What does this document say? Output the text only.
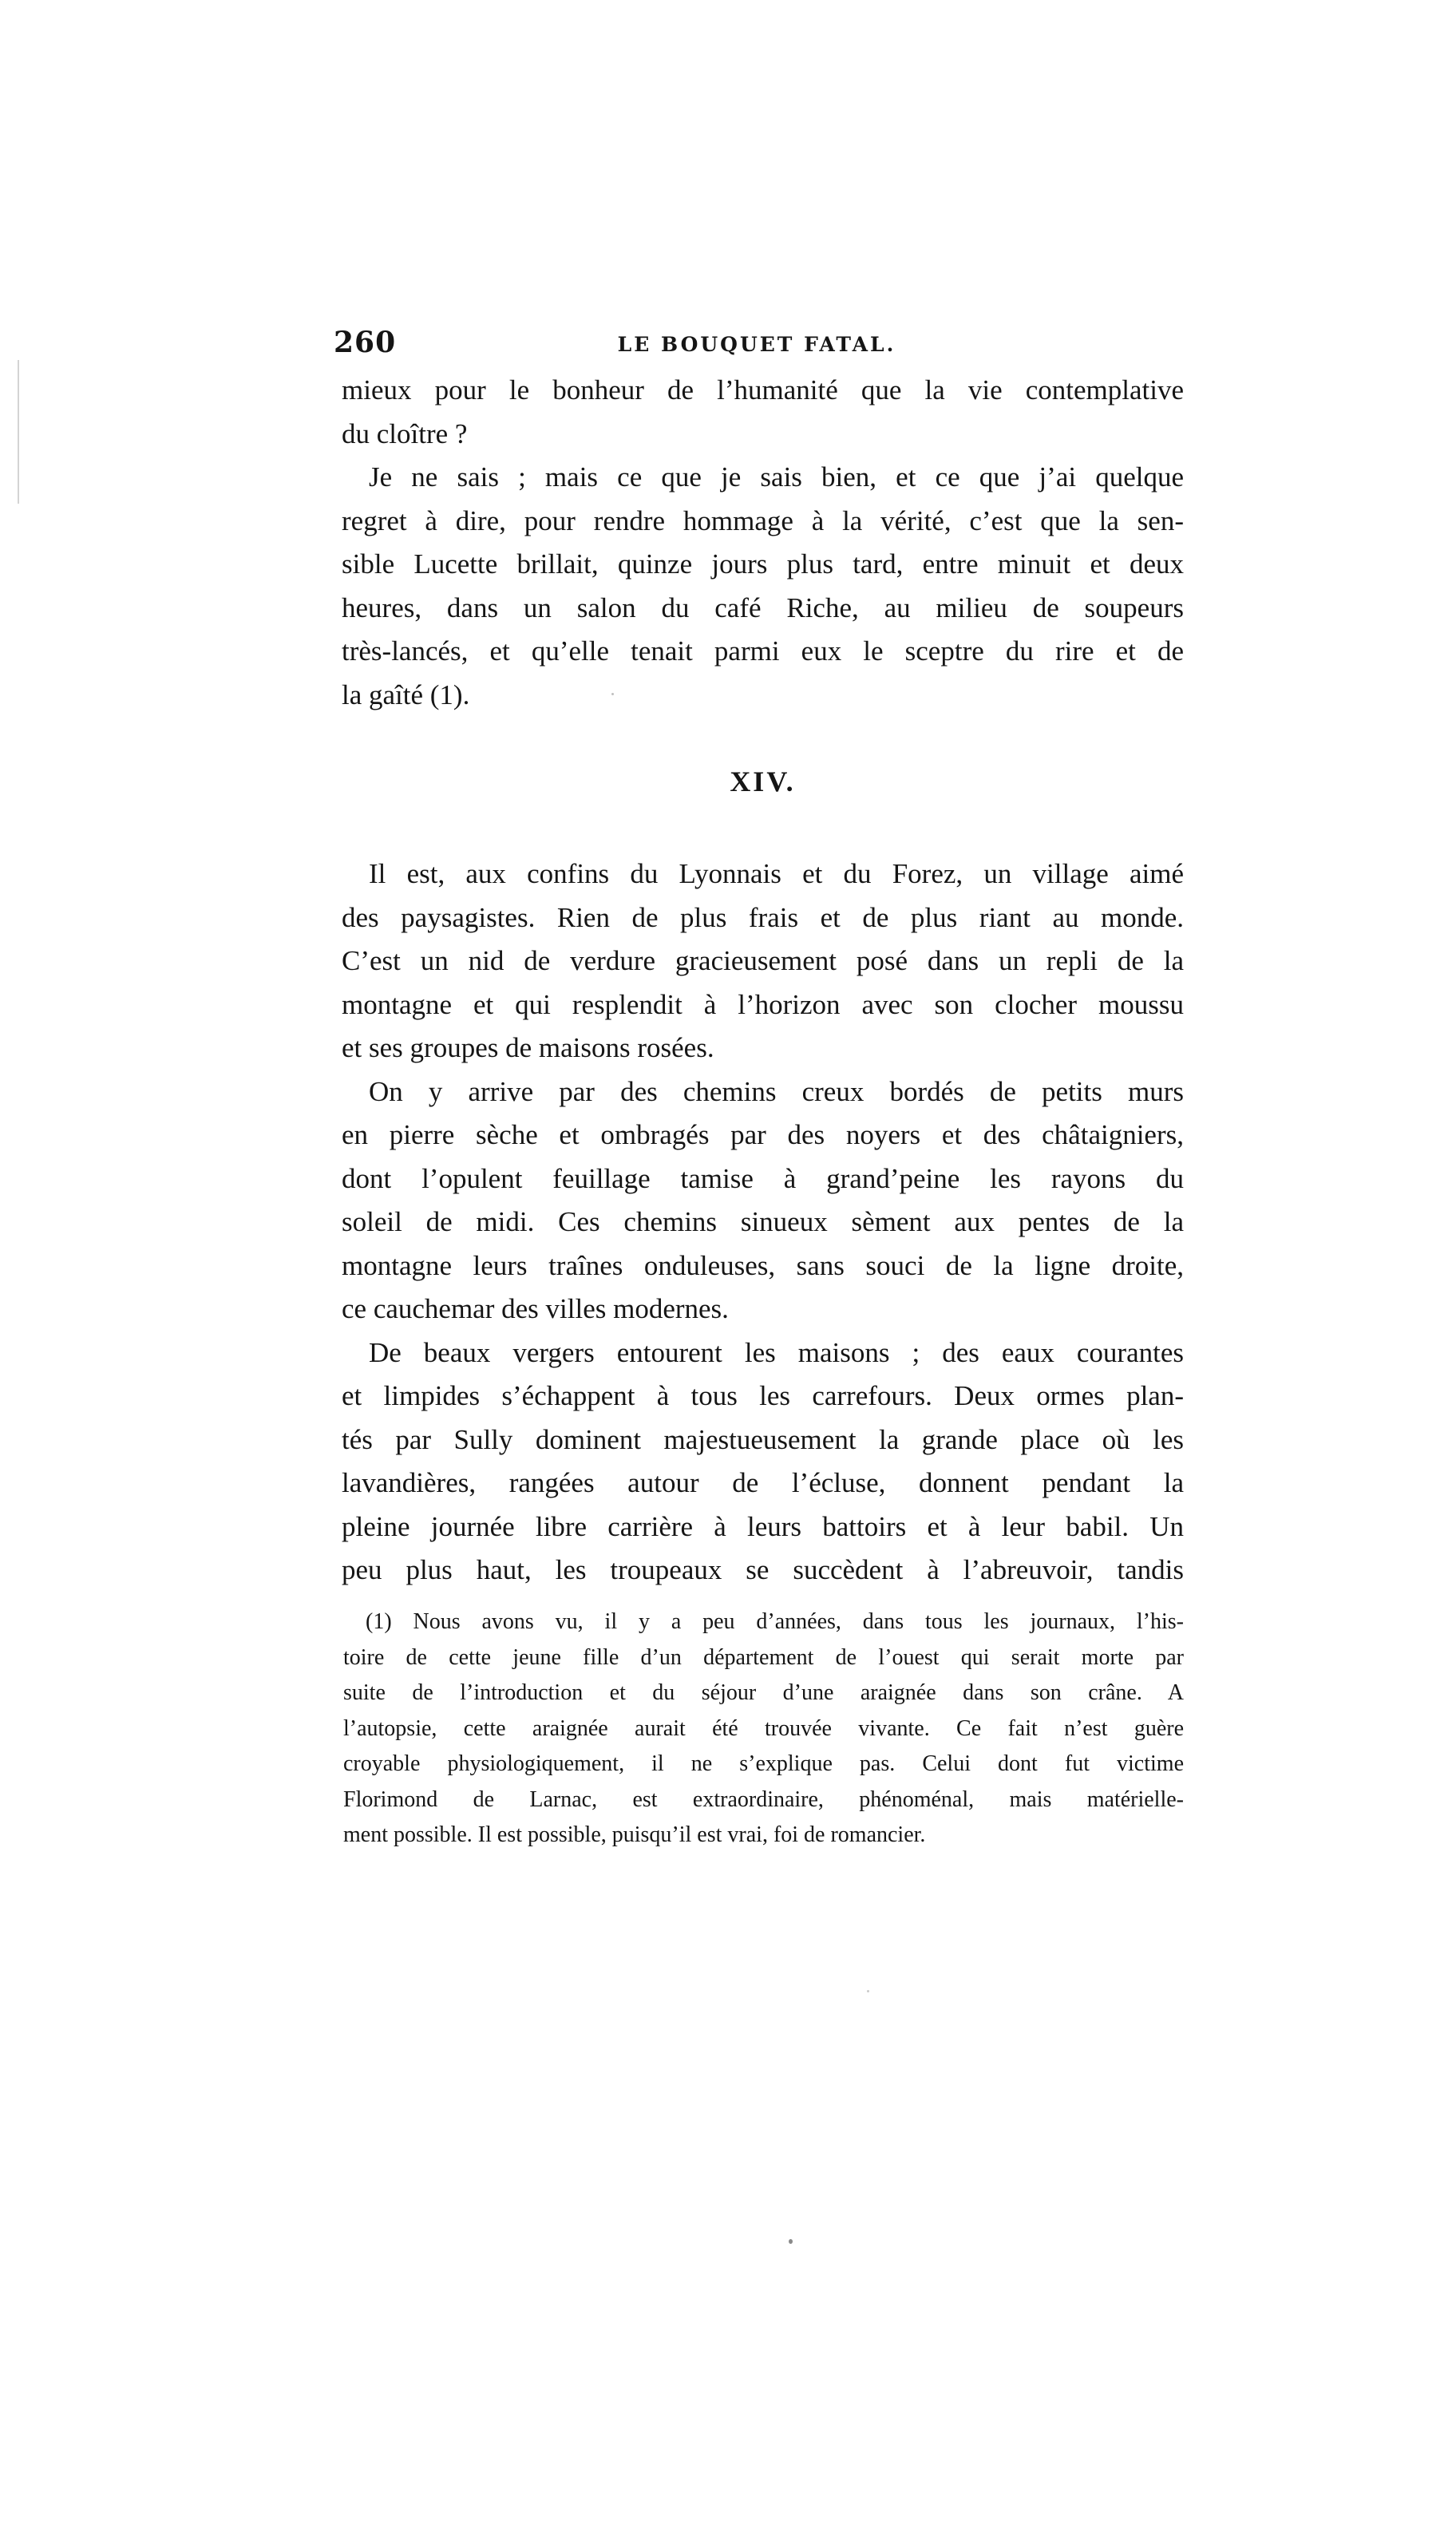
260	LE BOUQUET FATAL.
mieux pour le bonheur de l’humanité que la vie contemplative
du cloître ?
Je ne sais ; mais ce que je sais bien, et ce que j’ai quelque
regret à dire, pour rendre hommage à la vérité, c’est que la sen-
sible Lucette brillait, quinze jours plus tard, entre minuit et deux
heures, dans un salon du café Riche, au milieu de soupeurs
très-lancés, et qu’elle tenait parmi eux le sceptre du rire et de
la gaîté (1).
XIV.
Il est, aux confins du Lyonnais et du Forez, un village aimé
des paysagistes. Rien de plus frais et de plus riant au monde.
C’est un nid de verdure gracieusement posé dans un repli de la
montagne et qui resplendit à l’horizon avec son clocher moussu
et ses groupes de maisons rosées.
On y arrive par des chemins creux bordés de petits murs
en pierre sèche et ombragés par des noyers et des châtaigniers,
dont l’opulent feuillage tamise à grand’peine les rayons du
soleil de midi. Ces chemins sinueux sèment aux pentes de la
montagne leurs traînes onduleuses, sans souci de la ligne droite,
ce cauchemar des villes modernes.
De beaux vergers entourent les maisons ; des eaux courantes
et limpides s’échappent à tous les carrefours. Deux ormes plan-
tés par Sully dominent majestueusement la grande place où les
lavandières, rangées autour de l’écluse, donnent pendant la
pleine journée libre carrière à leurs battoirs et à leur babil. Un
peu plus haut, les troupeaux se succèdent à l’abreuvoir, tandis
(1) Nous avons vu, il y a peu d’années, dans tous les journaux, l’his-
toire de cette jeune fille d’un département de l’ouest qui serait morte par
suite de l’introduction et du séjour d’une araignée dans son crâne. A
l’autopsie, cette araignée aurait été trouvée vivante. Ce fait n’est guère
croyable physiologiquement, il ne s’explique pas. Celui dont fut victime
Florimond de Larnac, est extraordinaire, phénoménal, mais matérielle-
ment possible. Il est possible, puisqu’il est vrai, foi de romancier.
